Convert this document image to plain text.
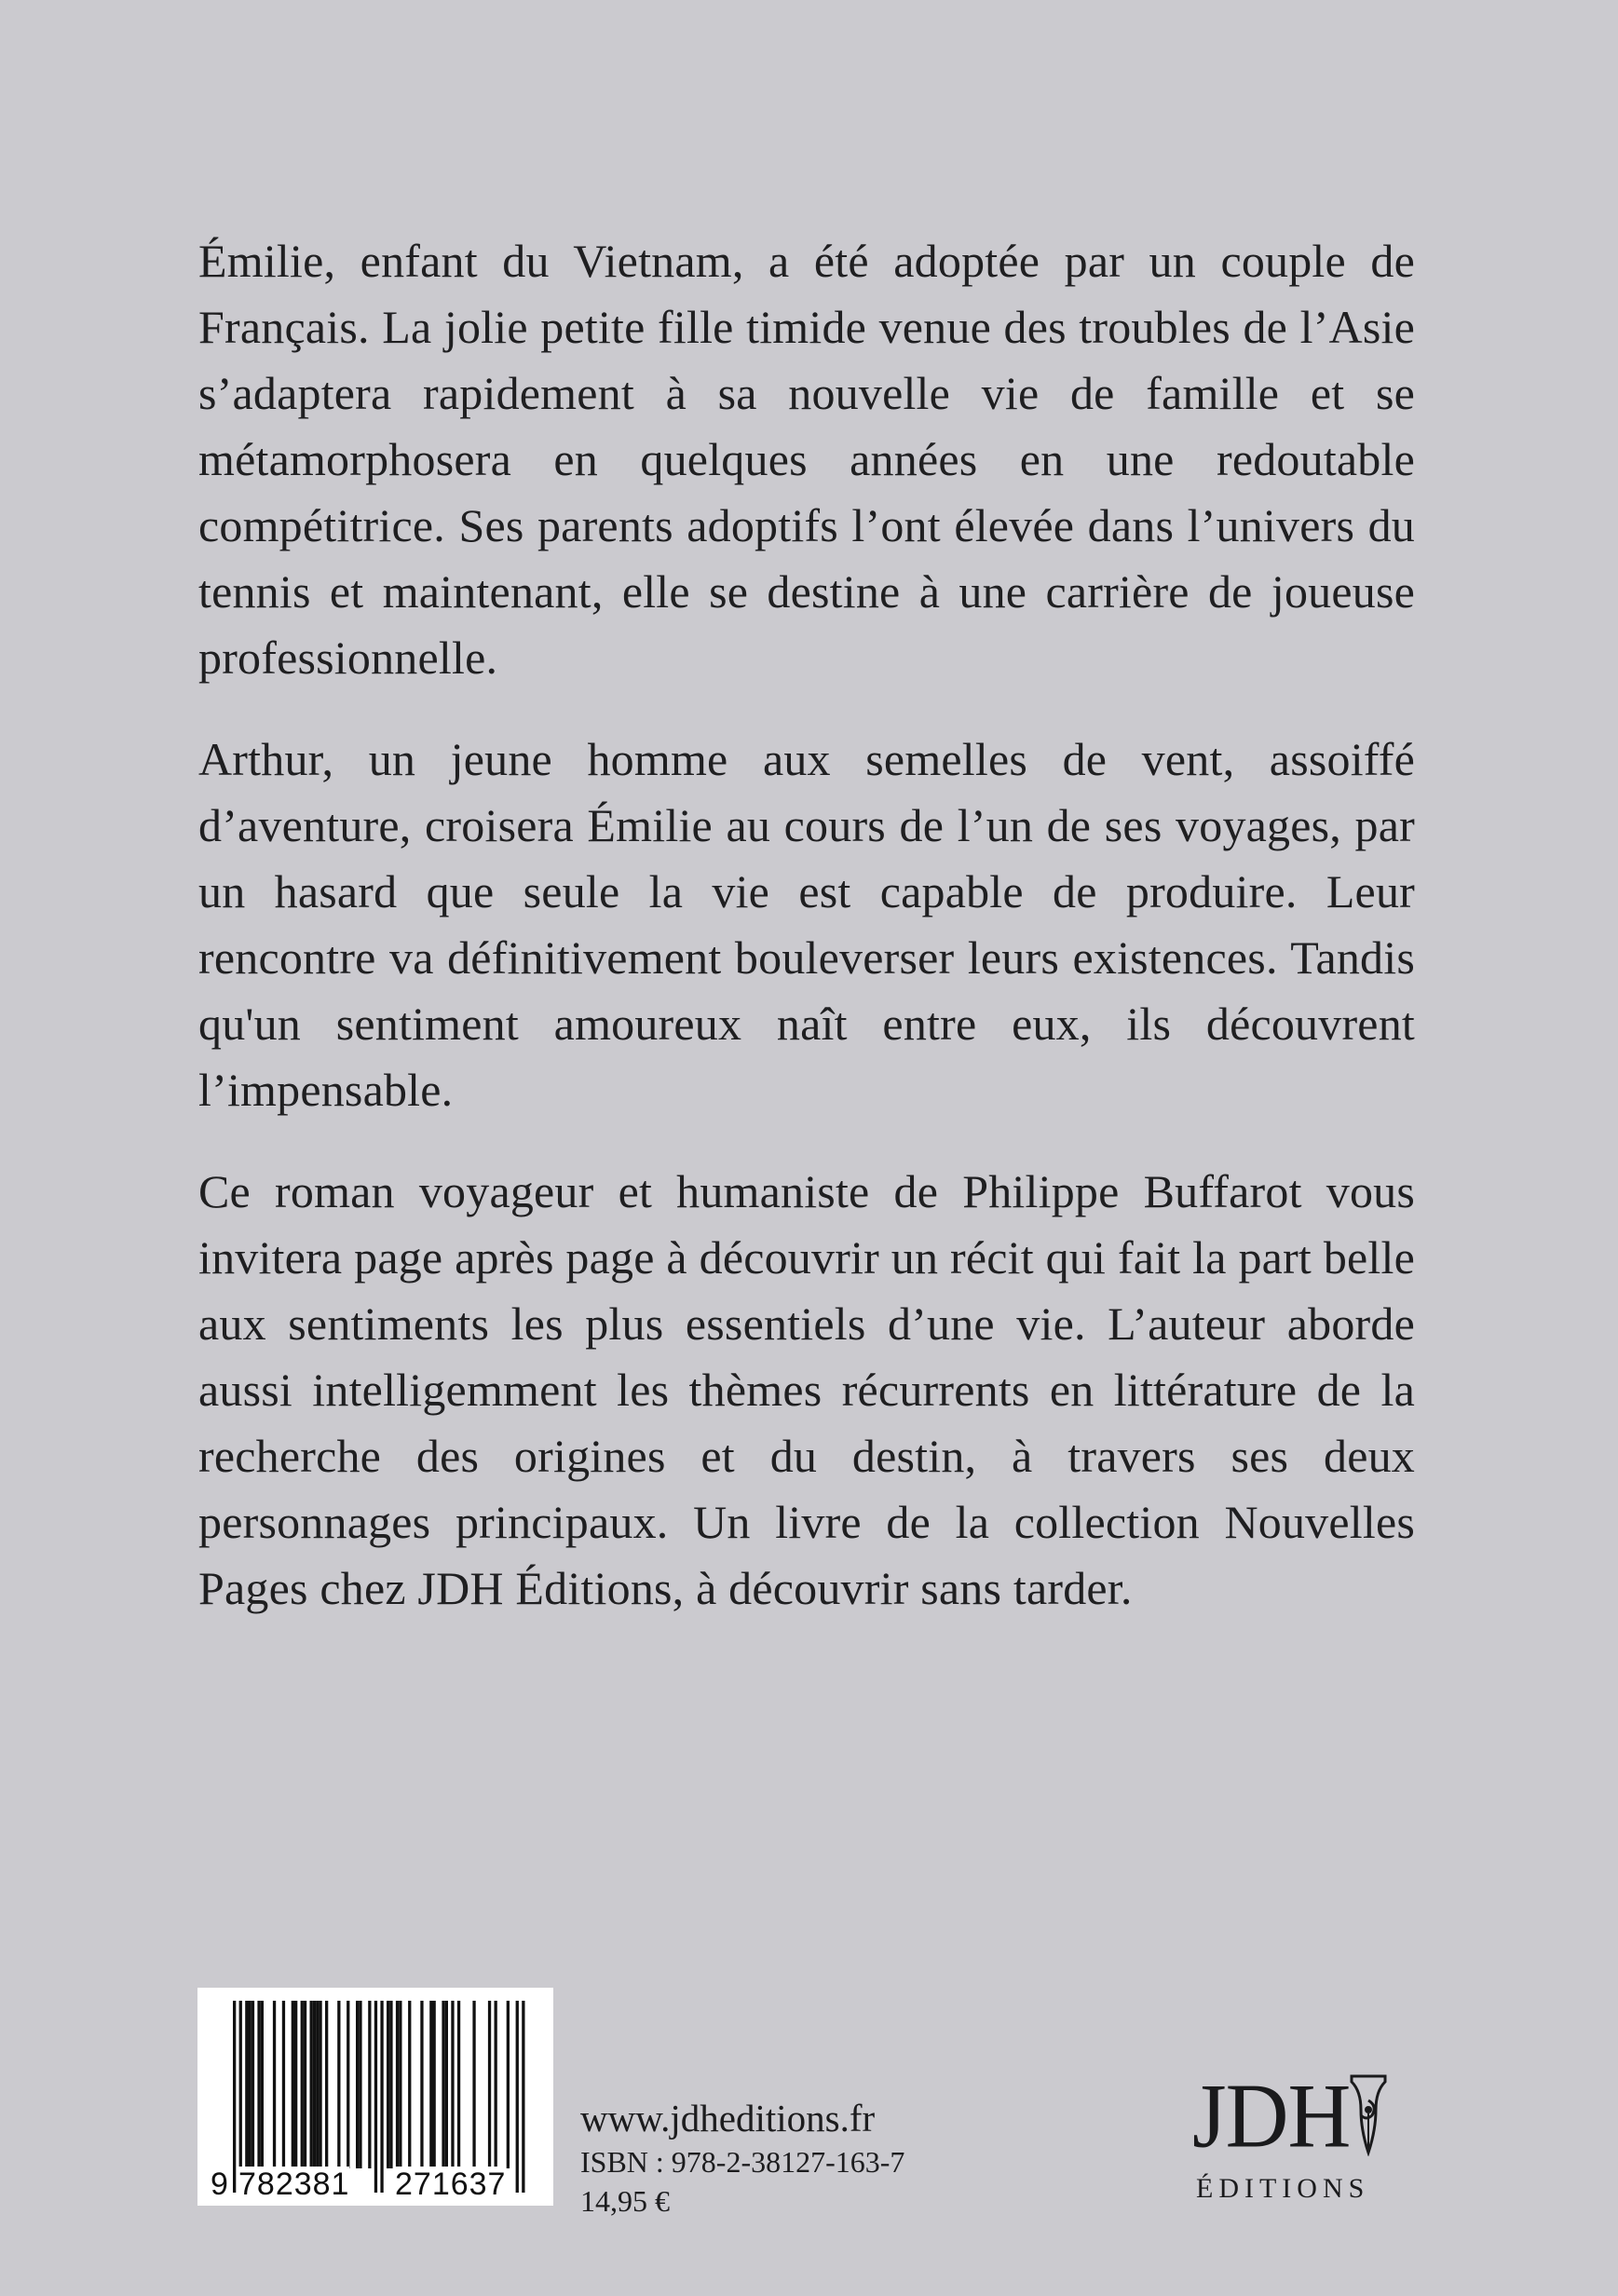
Émilie, enfant du Vietnam, a été adoptée par un couple de Français. La jolie petite fille timide venue des troubles de l’Asie s’adaptera rapidement à sa nouvelle vie de famille et se métamorphosera en quelques années en une redoutable compétitrice. Ses parents adoptifs l’ont élevée dans l’univers du tennis et maintenant, elle se destine à une carrière de joueuse professionnelle.

Arthur, un jeune homme aux semelles de vent, assoiffé d’aventure, croisera Émilie au cours de l’un de ses voyages, par un hasard que seule la vie est capable de produire. Leur rencontre va définitivement bouleverser leurs existences. Tandis qu'un sentiment amoureux naît entre eux, ils découvrent l’impensable.

Ce roman voyageur et humaniste de Philippe Buffarot vous invitera page après page à découvrir un récit qui fait la part belle aux sentiments les plus essentiels d’une vie. L’auteur aborde aussi intelligemment les thèmes récurrents en littérature de la recherche des origines et du destin, à travers ses deux personnages principaux. Un livre de la collection Nouvelles Pages chez JDH Éditions, à découvrir sans tarder.

9 782381 271637

www.jdheditions.fr

ISBN : 978-2-38127-163-7

14,95 €

JDH
ÉDITIONS
